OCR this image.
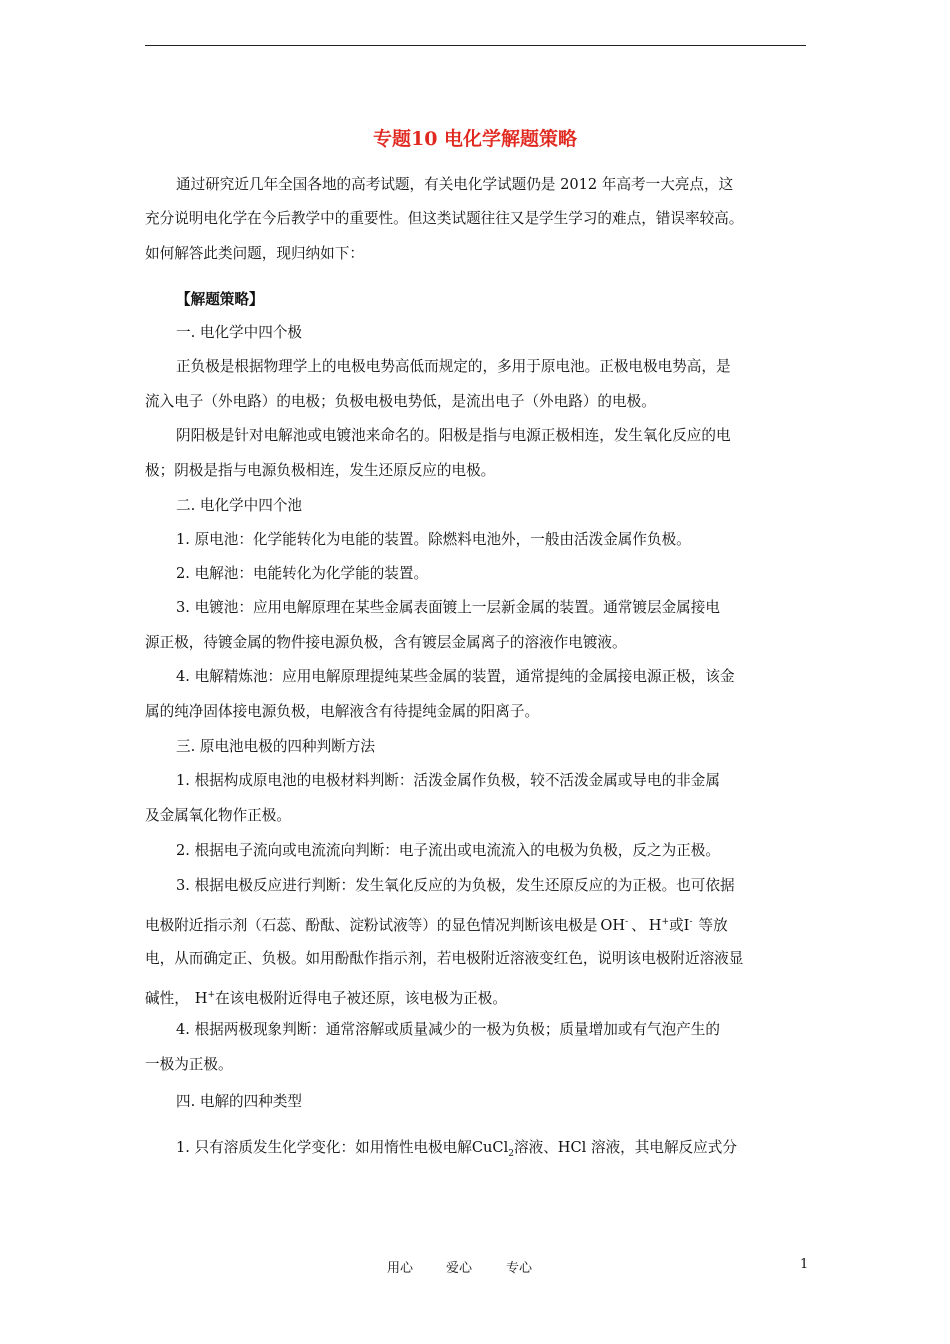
专题10 电化学解题策略
通过研究近几年全国各地的高考试题，有关电化学试题仍是 2012 年高考一大亮点，这
充分说明电化学在今后教学中的重要性。但这类试题往往又是学生学习的难点，错误率较高。
如何解答此类问题，现归纳如下：
【解题策略】
一. 电化学中四个极
正负极是根据物理学上的电极电势高低而规定的，多用于原电池。正极电极电势高，是
流入电子（外电路）的电极；负极电极电势低，是流出电子（外电路）的电极。
阴阳极是针对电解池或电镀池来命名的。阳极是指与电源正极相连，发生氧化反应的电
极；阴极是指与电源负极相连，发生还原反应的电极。
二. 电化学中四个池
1. 原电池：化学能转化为电能的装置。除燃料电池外，一般由活泼金属作负极。
2. 电解池：电能转化为化学能的装置。
3. 电镀池：应用电解原理在某些金属表面镀上一层新金属的装置。通常镀层金属接电
源正极，待镀金属的物件接电源负极，含有镀层金属离子的溶液作电镀液。
4. 电解精炼池：应用电解原理提纯某些金属的装置，通常提纯的金属接电源正极，该金
属的纯净固体接电源负极，电解液含有待提纯金属的阳离子。
三. 原电池电极的四种判断方法
1. 根据构成原电池的电极材料判断：活泼金属作负极，较不活泼金属或导电的非金属
及金属氧化物作正极。
2. 根据电子流向或电流流向判断：电子流出或电流流入的电极为负极，反之为正极。
3. 根据电极反应进行判断：发生氧化反应的为负极，发生还原反应的为正极。也可依据
电极附近指示剂（石蕊、酚酞、淀粉试液等）的显色情况判断该电极是 OH- 、 H+或I- 等放
电，从而确定正、负极。如用酚酞作指示剂，若电极附近溶液变红色，说明该电极附近溶液显
碱性， H+在该电极附近得电子被还原，该电极为正极。
4. 根据两极现象判断：通常溶解或质量减少的一极为负极；质量增加或有气泡产生的
一极为正极。
四. 电解的四种类型
1. 只有溶质发生化学变化：如用惰性电极电解CuCl$_2$溶液、HCl 溶液，其电解反应式分
用心	爱心	专心	1
